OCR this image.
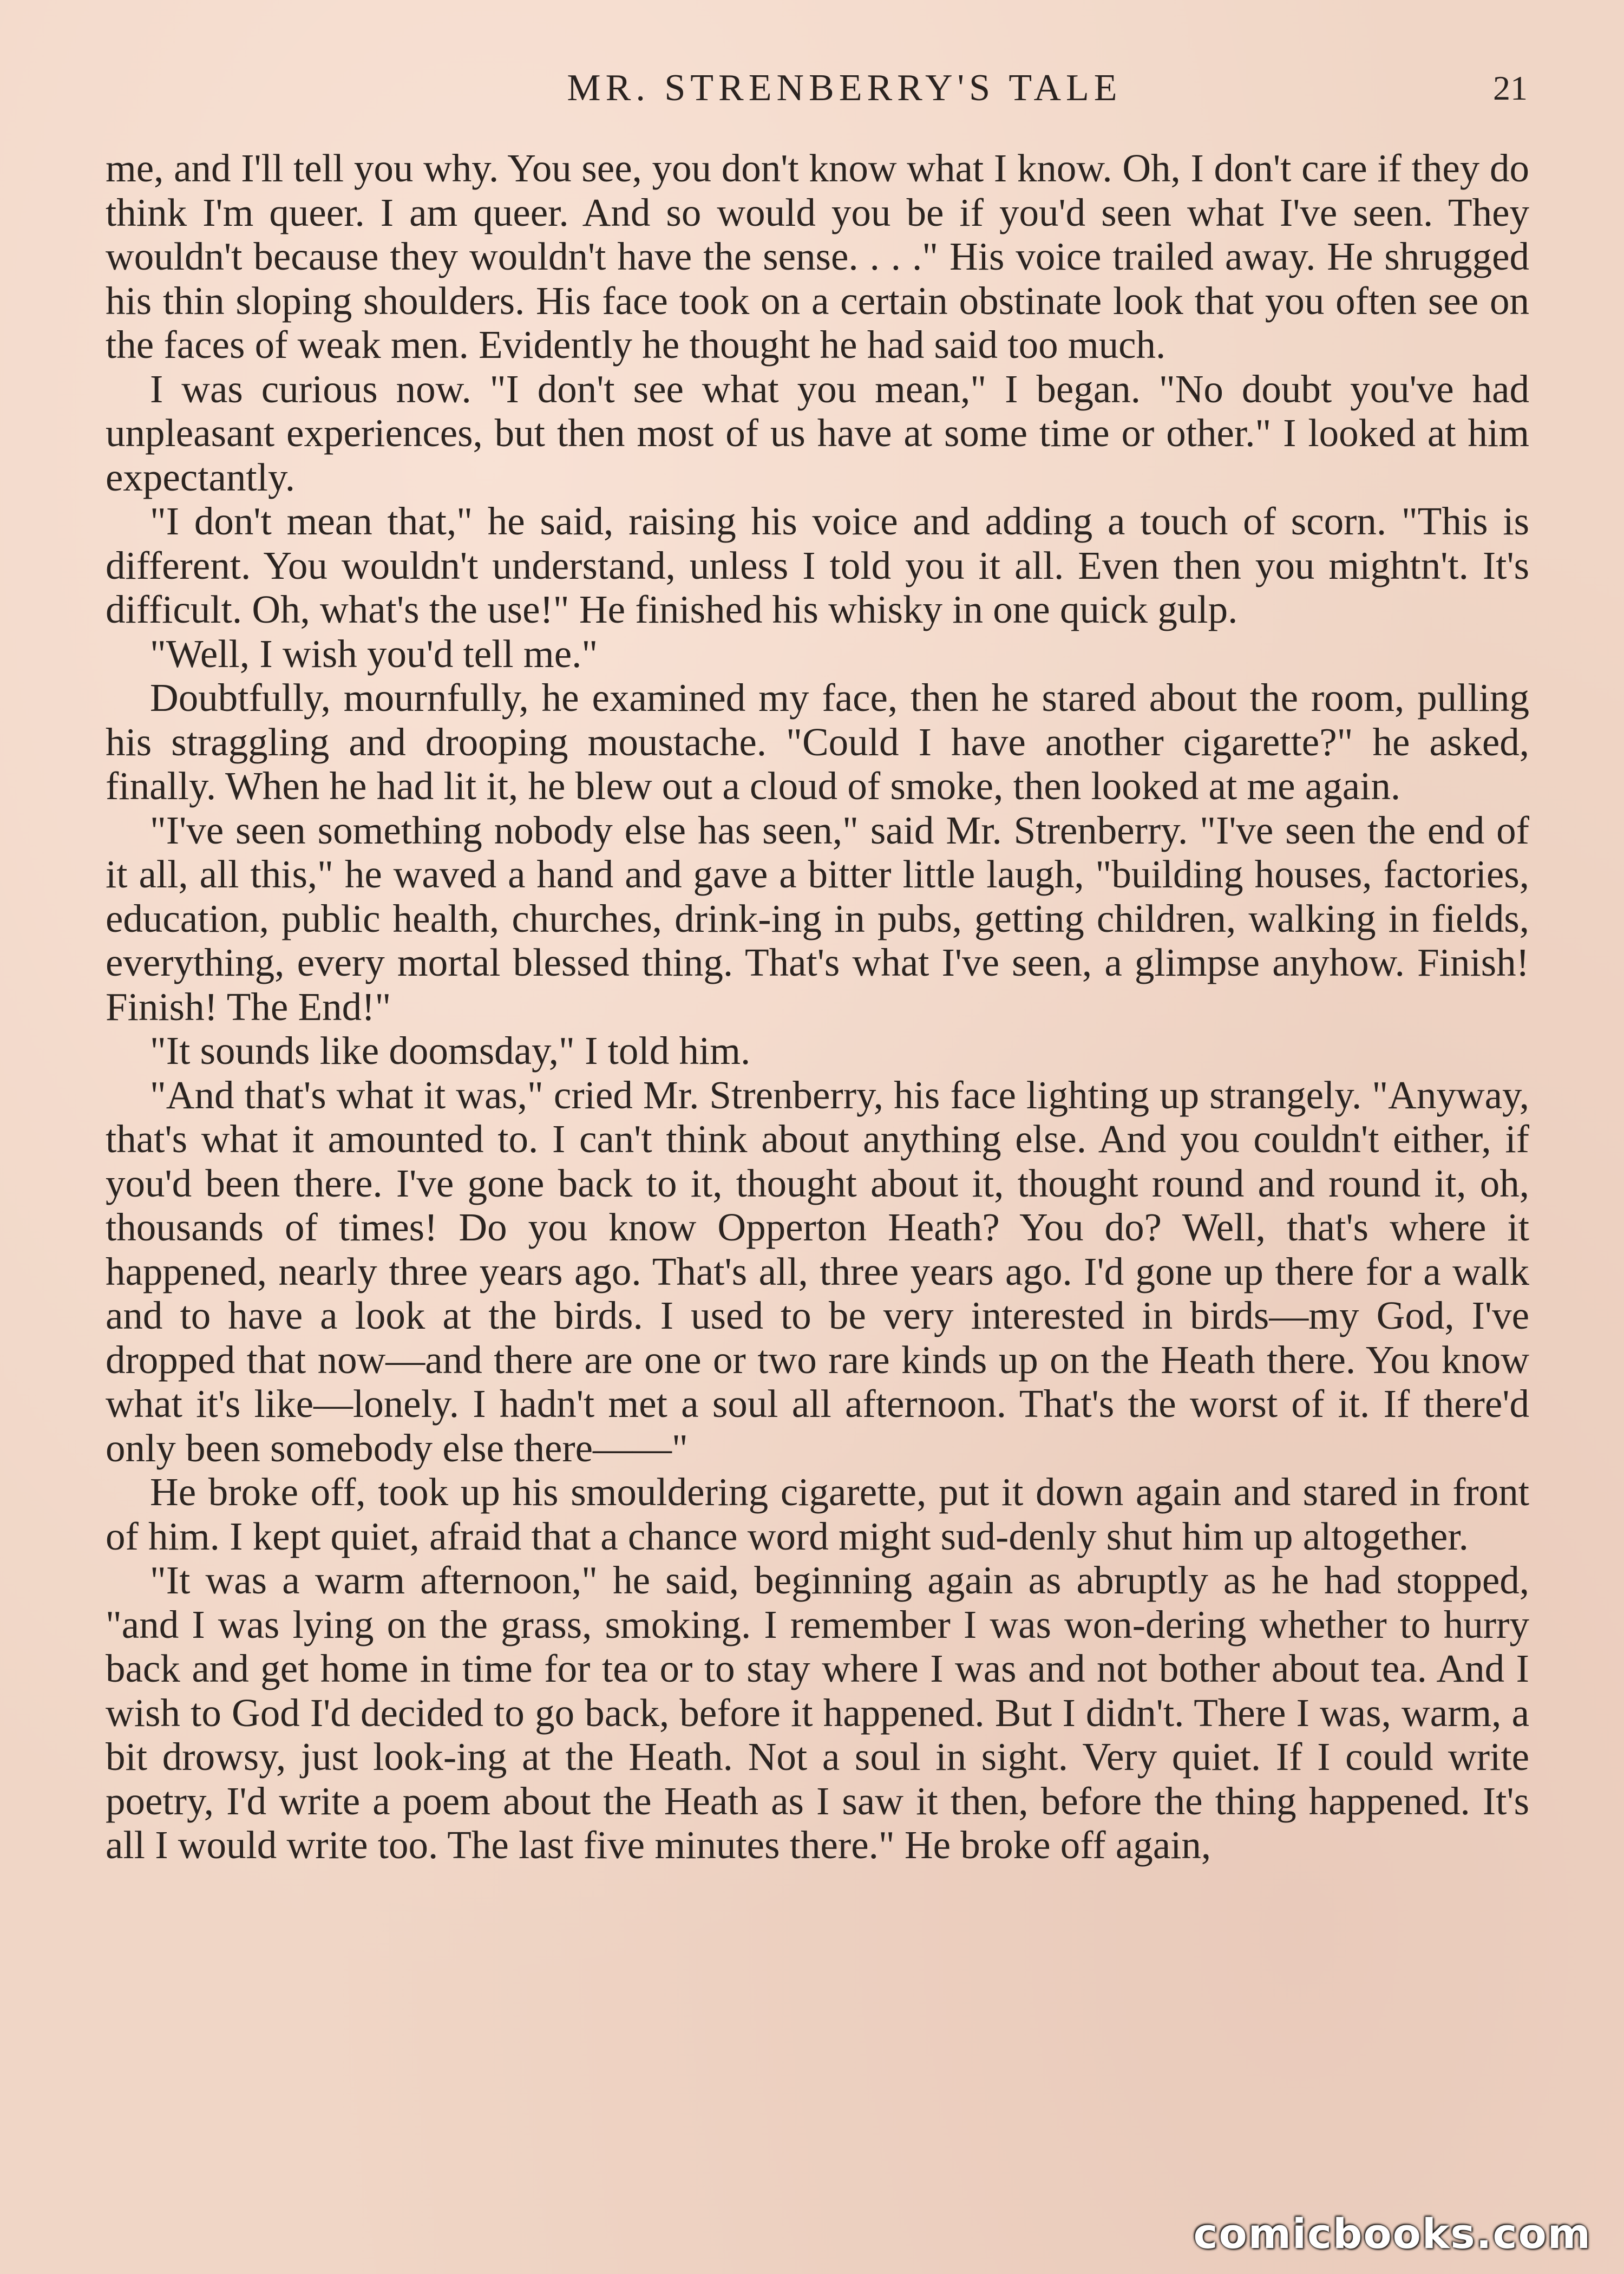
MR. STRENBERRY'S TALE	21

me, and I'll tell you why. You see, you don't know what I know. Oh, I don't care if they do think I'm queer. I am queer. And so would you be if you'd seen what I've seen. They wouldn't because they wouldn't have the sense. . . ." His voice trailed away. He shrugged his thin sloping shoulders. His face took on a certain obstinate look that you often see on the faces of weak men. Evidently he thought he had said too much.

I was curious now. "I don't see what you mean," I began. "No doubt you've had unpleasant experiences, but then most of us have at some time or other." I looked at him expectantly.

"I don't mean that," he said, raising his voice and adding a touch of scorn. "This is different. You wouldn't understand, unless I told you it all. Even then you mightn't. It's difficult. Oh, what's the use!" He finished his whisky in one quick gulp.

"Well, I wish you'd tell me."

Doubtfully, mournfully, he examined my face, then he stared about the room, pulling his straggling and drooping moustache. "Could I have another cigarette?" he asked, finally. When he had lit it, he blew out a cloud of smoke, then looked at me again.

"I've seen something nobody else has seen," said Mr. Strenberry. "I've seen the end of it all, all this," he waved a hand and gave a bitter little laugh, "building houses, factories, education, public health, churches, drink-ing in pubs, getting children, walking in fields, everything, every mortal blessed thing. That's what I've seen, a glimpse anyhow. Finish! Finish! The End!"

"It sounds like doomsday," I told him.

"And that's what it was," cried Mr. Strenberry, his face lighting up strangely. "Anyway, that's what it amounted to. I can't think about anything else. And you couldn't either, if you'd been there. I've gone back to it, thought about it, thought round and round it, oh, thousands of times! Do you know Opperton Heath? You do? Well, that's where it happened, nearly three years ago. That's all, three years ago. I'd gone up there for a walk and to have a look at the birds. I used to be very interested in birds—my God, I've dropped that now—and there are one or two rare kinds up on the Heath there. You know what it's like—lonely. I hadn't met a soul all afternoon. That's the worst of it. If there'd only been somebody else there——"

He broke off, took up his smouldering cigarette, put it down again and stared in front of him. I kept quiet, afraid that a chance word might sud-denly shut him up altogether.

"It was a warm afternoon," he said, beginning again as abruptly as he had stopped, "and I was lying on the grass, smoking. I remember I was won-dering whether to hurry back and get home in time for tea or to stay where I was and not bother about tea. And I wish to God I'd decided to go back, before it happened. But I didn't. There I was, warm, a bit drowsy, just look-ing at the Heath. Not a soul in sight. Very quiet. If I could write poetry, I'd write a poem about the Heath as I saw it then, before the thing happened. It's all I would write too. The last five minutes there." He broke off again,

comicbooks.com
